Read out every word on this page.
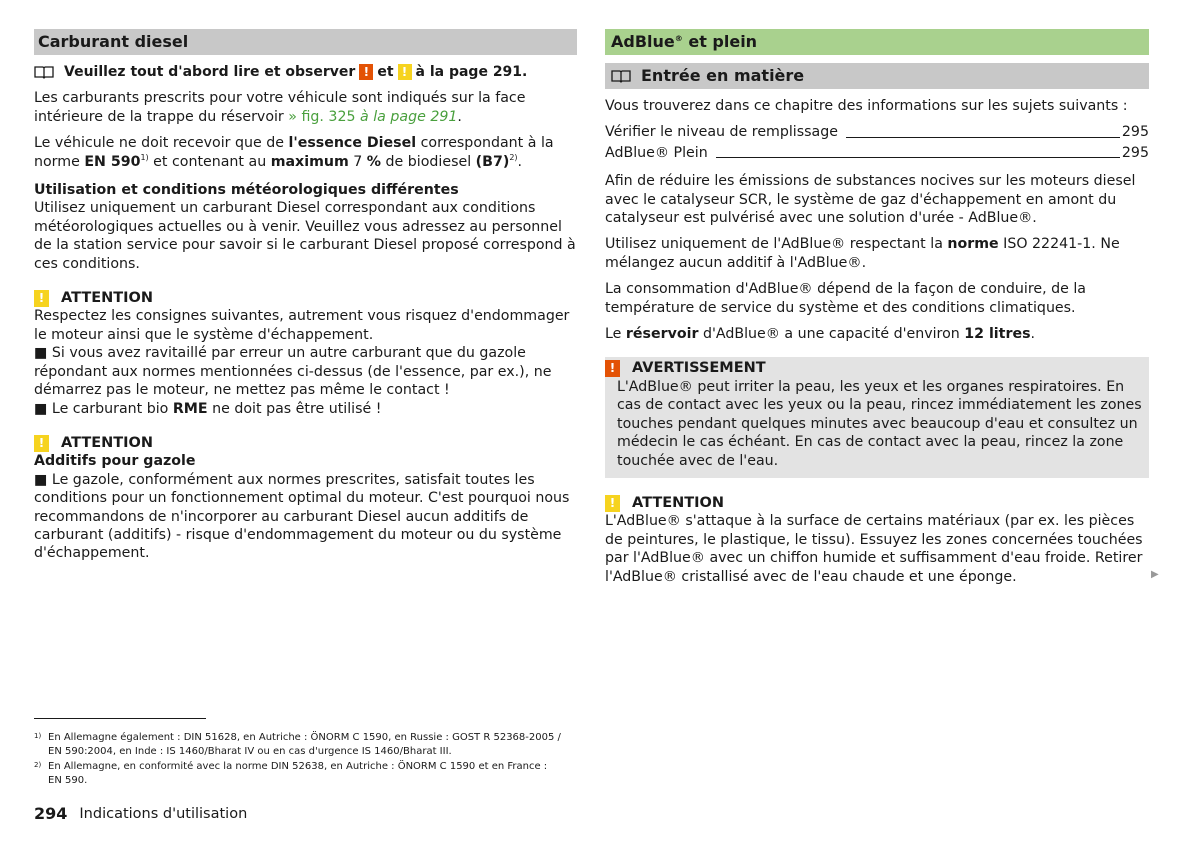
Carburant diesel
Veuillez tout d'abord lire et observer ! et ! à la page 291.

Les carburants prescrits pour votre véhicule sont indiqués sur la face intérieure de la trappe du réservoir » fig. 325 à la page 291.

Le véhicule ne doit recevoir que de l'essence Diesel correspondant à la norme EN 590$^{1)}$ et contenant au maximum 7 % de biodiesel $(B7)^{2)}$.

Utilisation et conditions météorologiques différentes

Utilisez uniquement un carburant Diesel correspondant aux conditions météorologiques actuelles ou à venir. Veuillez vous adressez au personnel de la station service pour savoir si le carburant Diesel proposé correspond à ces conditions.

!	ATTENTION

Respectez les consignes suivantes, autrement vous risquez d'endommager le moteur ainsi que le système d'échappement.

■ Si vous avez ravitaillé par erreur un autre carburant que du gazole répondant aux normes mentionnées ci-dessus (de l'essence, par ex.), ne démarrez pas le moteur, ne mettez pas même le contact !

■ Le carburant bio RME ne doit pas être utilisé !

!	ATTENTION

Additifs pour gazole

■ Le gazole, conformément aux normes prescrites, satisfait toutes les conditions pour un fonctionnement optimal du moteur. C'est pourquoi nous recommandons de n'incorporer au carburant Diesel aucun additifs de carburant (additifs) - risque d'endommagement du moteur ou du système d'échappement.

AdBlue® et plein
Entrée en matière

Vous trouverez dans ce chapitre des informations sur les sujets suivants :

Vérifier le niveau de remplissage	295
AdBlue® Plein	295

Afin de réduire les émissions de substances nocives sur les moteurs diesel avec le catalyseur SCR, le système de gaz d'échappement en amont du catalyseur est pulvérisé avec une solution d'urée - AdBlue®.

Utilisez uniquement de l'AdBlue® respectant la norme ISO 22241-1. Ne mélangez aucun additif à l'AdBlue®.

La consommation d'AdBlue® dépend de la façon de conduire, de la température de service du système et des conditions climatiques.

Le réservoir d'AdBlue® a une capacité d'environ 12 litres.

!	AVERTISSEMENT
L'AdBlue® peut irriter la peau, les yeux et les organes respiratoires. En cas de contact avec les yeux ou la peau, rincez immédiatement les zones touches pendant quelques minutes avec beaucoup d'eau et consultez un médecin le cas échéant. En cas de contact avec la peau, rincez la zone touchée avec de l'eau.
!	ATTENTION

L'AdBlue® s'attaque à la surface de certains matériaux (par ex. les pièces de peintures, le plastique, le tissu). Essuyez les zones concernées touchées par l'AdBlue® avec un chiffon humide et suffisamment d'eau froide. Retirer l'AdBlue® cristallisé avec de l'eau chaude et une éponge.	▶
1) En Allemagne également : DIN 51628, en Autriche : ÖNORM C 1590, en Russie : GOST R 52368-2005 / EN 590:2004, en Inde : IS 1460/Bharat IV ou en cas d'urgence IS 1460/Bharat III.
2) En Allemagne, en conformité avec la norme DIN 52638, en Autriche : ÖNORM C 1590 et en France : EN 590.
294 Indications d'utilisation
